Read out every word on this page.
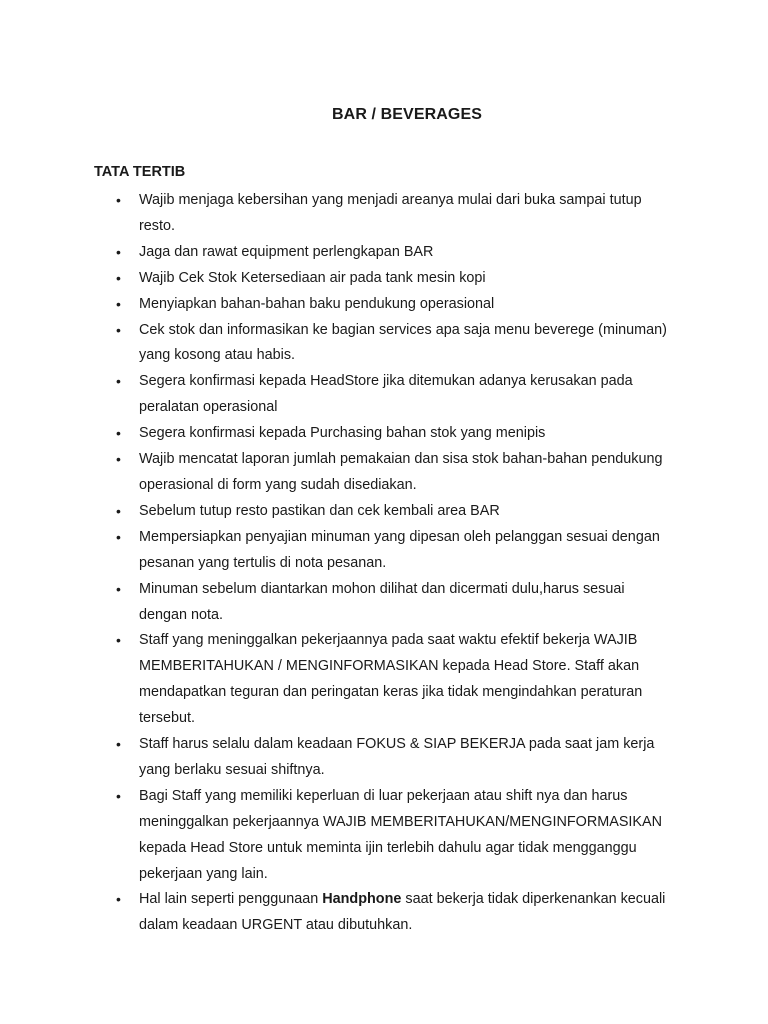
BAR / BEVERAGES
TATA TERTIB
• Wajib menjaga kebersihan yang menjadi areanya mulai dari buka sampai tutup resto.
• Jaga dan rawat equipment perlengkapan BAR
• Wajib Cek Stok Ketersediaan air pada tank mesin kopi
• Menyiapkan bahan-bahan baku pendukung operasional
• Cek stok dan informasikan ke bagian services apa saja menu beverege (minuman) yang kosong atau habis.
• Segera konfirmasi kepada HeadStore jika ditemukan adanya kerusakan pada peralatan operasional
• Segera konfirmasi kepada Purchasing bahan stok yang menipis
• Wajib mencatat laporan jumlah pemakaian dan sisa stok bahan-bahan pendukung operasional di form yang sudah disediakan.
• Sebelum tutup resto pastikan dan cek kembali area BAR
• Mempersiapkan penyajian minuman yang dipesan oleh pelanggan sesuai dengan pesanan yang tertulis di nota pesanan.
• Minuman sebelum diantarkan mohon dilihat dan dicermati dulu,harus sesuai dengan nota.
• Staff yang meninggalkan pekerjaannya pada saat waktu efektif bekerja WAJIB MEMBERITAHUKAN / MENGINFORMASIKAN kepada Head Store. Staff akan mendapatkan teguran dan peringatan keras jika tidak mengindahkan peraturan tersebut.
• Staff harus selalu dalam keadaan FOKUS & SIAP BEKERJA pada saat jam kerja yang berlaku sesuai shiftnya.
• Bagi Staff yang memiliki keperluan di luar pekerjaan atau shift nya dan harus meninggalkan pekerjaannya WAJIB MEMBERITAHUKAN/MENGINFORMASIKAN kepada Head Store untuk meminta ijin terlebih dahulu agar tidak mengganggu pekerjaan yang lain.
• Hal lain seperti penggunaan Handphone saat bekerja tidak diperkenankan kecuali dalam keadaan URGENT atau dibutuhkan.
